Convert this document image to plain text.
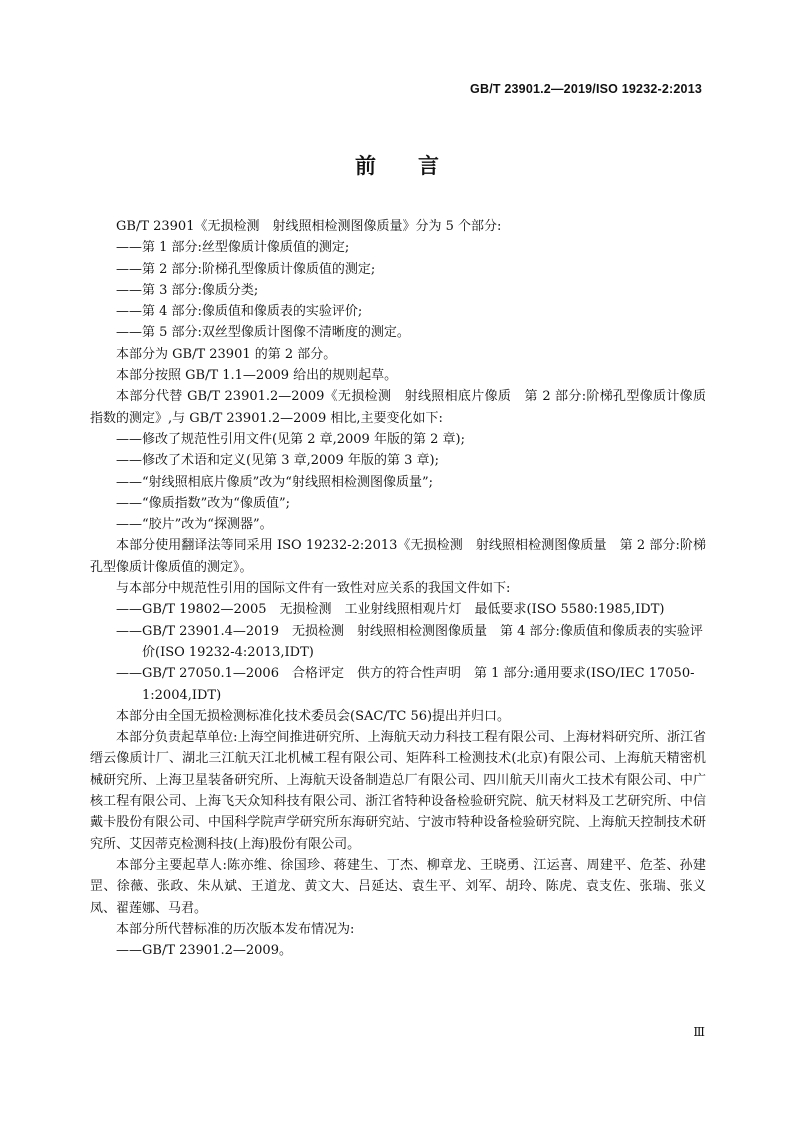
GB/T 23901.2—2019/ISO 19232-2:2013
前 言

GB/T 23901《无损检测　射线照相检测图像质量》分为 5 个部分:

——第 1 部分:丝型像质计像质值的测定;

——第 2 部分:阶梯孔型像质计像质值的测定;

——第 3 部分:像质分类;

——第 4 部分:像质值和像质表的实验评价;

——第 5 部分:双丝型像质计图像不清晰度的测定。

本部分为 GB/T 23901 的第 2 部分。

本部分按照 GB/T 1.1—2009 给出的规则起草。

本部分代替 GB/T 23901.2—2009《无损检测　射线照相底片像质　第 2 部分:阶梯孔型像质计像质指数的测定》,与 GB/T 23901.2—2009 相比,主要变化如下:

——修改了规范性引用文件(见第 2 章,2009 年版的第 2 章);

——修改了术语和定义(见第 3 章,2009 年版的第 3 章);

——“射线照相底片像质”改为“射线照相检测图像质量”;

——“像质指数”改为“像质值”;

——“胶片”改为“探测器”。

本部分使用翻译法等同采用 ISO 19232-2:2013《无损检测　射线照相检测图像质量　第 2 部分:阶梯孔型像质计像质值的测定》。

与本部分中规范性引用的国际文件有一致性对应关系的我国文件如下:

——GB/T 19802—2005　无损检测　工业射线照相观片灯　最低要求(ISO 5580:1985,IDT)

——GB/T 23901.4—2019　无损检测　射线照相检测图像质量　第 4 部分:像质值和像质表的实验评价(ISO 19232-4:2013,IDT)

——GB/T 27050.1—2006　合格评定　供方的符合性声明　第 1 部分:通用要求(ISO/IEC 17050-1:2004,IDT)

本部分由全国无损检测标准化技术委员会(SAC/TC 56)提出并归口。

本部分负责起草单位:上海空间推进研究所、上海航天动力科技工程有限公司、上海材料研究所、浙江省缙云像质计厂、湖北三江航天江北机械工程有限公司、矩阵科工检测技术(北京)有限公司、上海航天精密机械研究所、上海卫星装备研究所、上海航天设备制造总厂有限公司、四川航天川南火工技术有限公司、中广核工程有限公司、上海飞天众知科技有限公司、浙江省特种设备检验研究院、航天材料及工艺研究所、中信戴卡股份有限公司、中国科学院声学研究所东海研究站、宁波市特种设备检验研究院、上海航天控制技术研究所、艾因蒂克检测科技(上海)股份有限公司。

本部分主要起草人:陈亦维、徐国珍、蒋建生、丁杰、柳章龙、王晓勇、江运喜、周建平、危荃、孙建罡、徐薇、张政、朱从斌、王道龙、黄文大、吕延达、袁生平、刘军、胡玲、陈虎、袁支佐、张瑞、张义凤、翟莲娜、马君。

本部分所代替标准的历次版本发布情况为:

——GB/T 23901.2—2009。

Ⅲ
